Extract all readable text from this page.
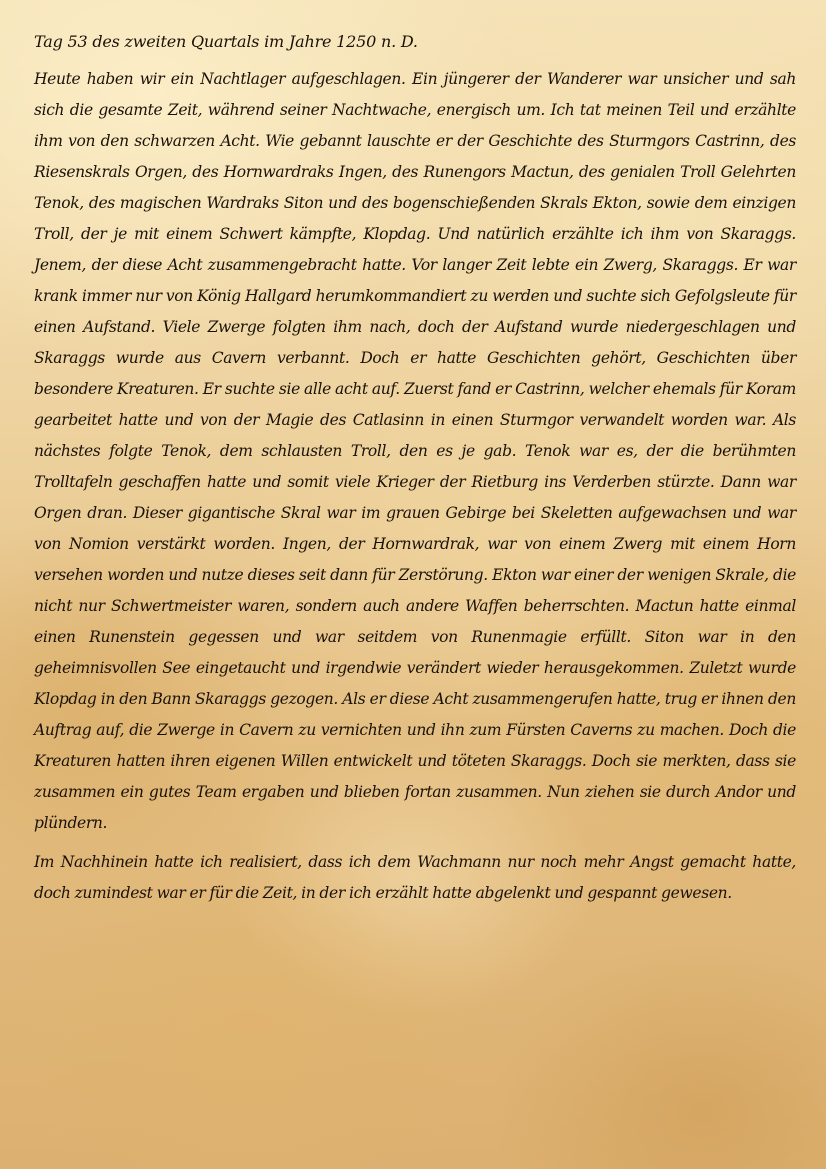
Tag 53 des zweiten Quartals im Jahre 1250 n. D.

Heute haben wir ein Nachtlager aufgeschlagen. Ein jüngerer der Wanderer war unsicher und sah sich die gesamte Zeit, während seiner Nachtwache, energisch um. Ich tat meinen Teil und erzählte ihm von den schwarzen Acht. Wie gebannt lauschte er der Geschichte des Sturmgors Castrinn, des Riesenskrals Orgen, des Hornwardraks Ingen, des Runengors Mactun, des genialen Troll Gelehrten Tenok, des magischen Wardraks Siton und des bogenschießenden Skrals Ekton, sowie dem einzigen Troll, der je mit einem Schwert kämpfte, Klopdag. Und natürlich erzählte ich ihm von Skaraggs. Jenem, der diese Acht zusammengebracht hatte. Vor langer Zeit lebte ein Zwerg, Skaraggs. Er war krank immer nur von König Hallgard herumkommandiert zu werden und suchte sich Gefolgsleute für einen Aufstand. Viele Zwerge folgten ihm nach, doch der Aufstand wurde niedergeschlagen und Skaraggs wurde aus Cavern verbannt. Doch er hatte Geschichten gehört, Geschichten über besondere Kreaturen. Er suchte sie alle acht auf. Zuerst fand er Castrinn, welcher ehemals für Koram gearbeitet hatte und von der Magie des Catlasinn in einen Sturmgor verwandelt worden war. Als nächstes folgte Tenok, dem schlausten Troll, den es je gab. Tenok war es, der die berühmten Trolltafeln geschaffen hatte und somit viele Krieger der Rietburg ins Verderben stürzte. Dann war Orgen dran. Dieser gigantische Skral war im grauen Gebirge bei Skeletten aufgewachsen und war von Nomion verstärkt worden. Ingen, der Hornwardrak, war von einem Zwerg mit einem Horn versehen worden und nutze dieses seit dann für Zerstörung. Ekton war einer der wenigen Skrale, die nicht nur Schwertmeister waren, sondern auch andere Waffen beherrschten. Mactun hatte einmal einen Runenstein gegessen und war seitdem von Runenmagie erfüllt. Siton war in den geheimnisvollen See eingetaucht und irgendwie verändert wieder herausgekommen. Zuletzt wurde Klopdag in den Bann Skaraggs gezogen. Als er diese Acht zusammengerufen hatte, trug er ihnen den Auftrag auf, die Zwerge in Cavern zu vernichten und ihn zum Fürsten Caverns zu machen. Doch die Kreaturen hatten ihren eigenen Willen entwickelt und töteten Skaraggs. Doch sie merkten, dass sie zusammen ein gutes Team ergaben und blieben fortan zusammen. Nun ziehen sie durch Andor und plündern.

Im Nachhinein hatte ich realisiert, dass ich dem Wachmann nur noch mehr Angst gemacht hatte, doch zumindest war er für die Zeit, in der ich erzählt hatte abgelenkt und gespannt gewesen.
